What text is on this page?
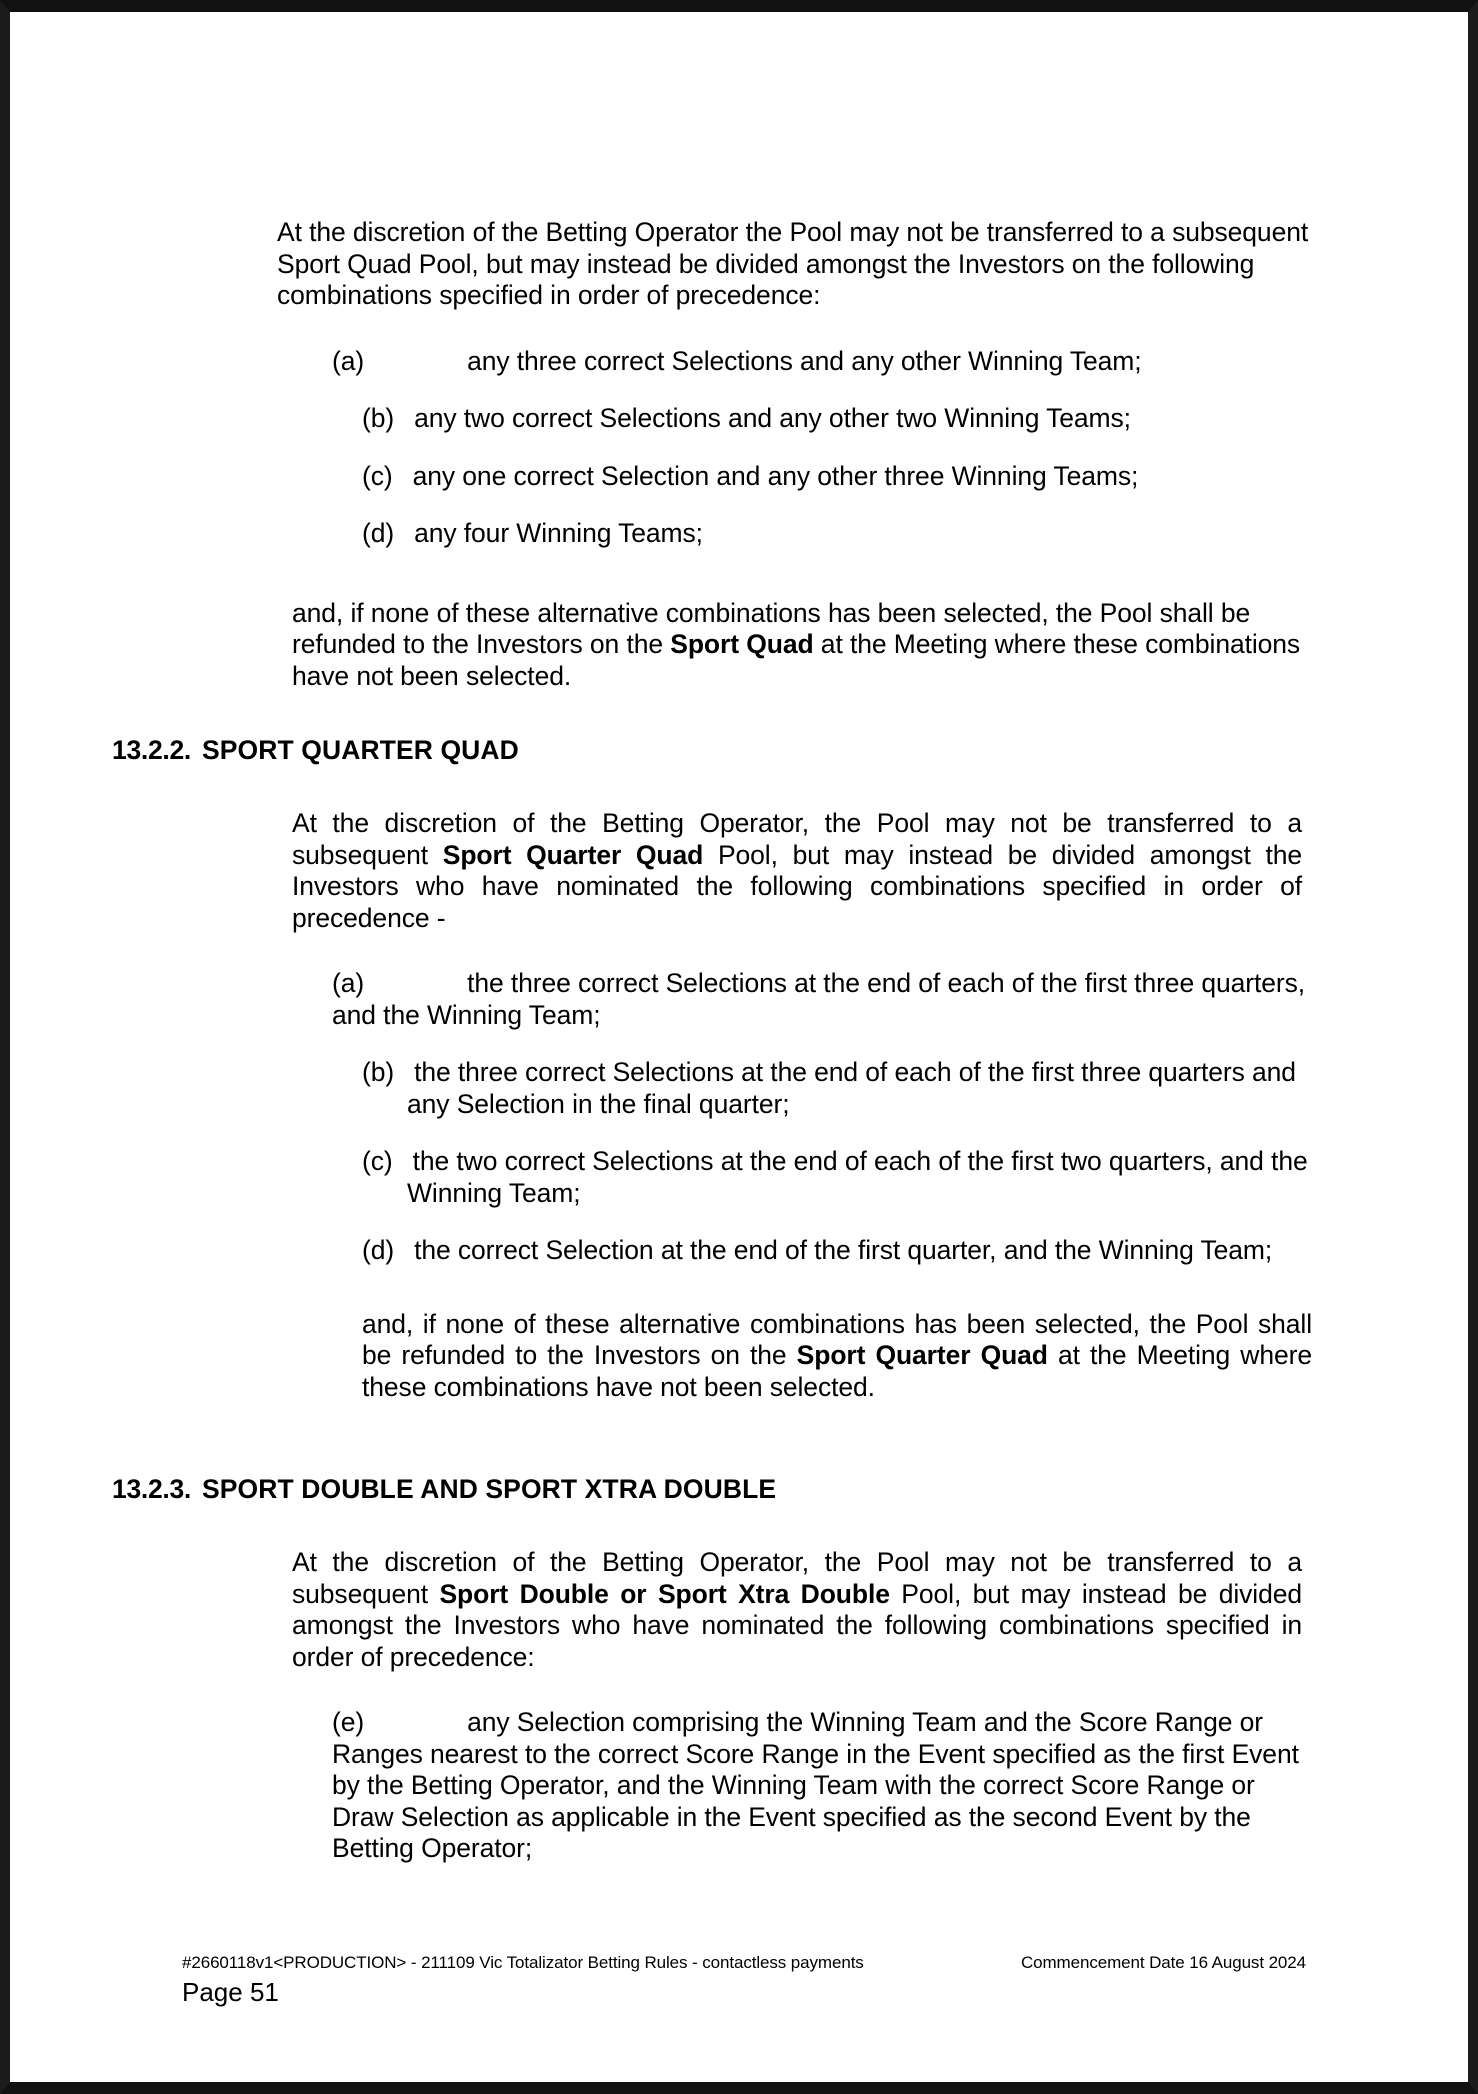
At the discretion of the Betting Operator the Pool may not be transferred to a subsequent Sport Quad Pool, but may instead be divided amongst the Investors on the following combinations specified in order of precedence:

(a)	any three correct Selections and any other Winning Team;

(b) any two correct Selections and any other two Winning Teams;

(c) any one correct Selection and any other three Winning Teams;

(d) any four Winning Teams;

and, if none of these alternative combinations has been selected, the Pool shall be refunded to the Investors on the Sport Quad at the Meeting where these combinations have not been selected.

13.2.2. SPORT QUARTER QUAD

At the discretion of the Betting Operator, the Pool may not be transferred to a subsequent Sport Quarter Quad Pool, but may instead be divided amongst the Investors who have nominated the following combinations specified in order of precedence -

(a)	the three correct Selections at the end of each of the first three quarters, and the Winning Team;

(b) the three correct Selections at the end of each of the first three quarters and any Selection in the final quarter;

(c) the two correct Selections at the end of each of the first two quarters, and the Winning Team;

(d) the correct Selection at the end of the first quarter, and the Winning Team;

and, if none of these alternative combinations has been selected, the Pool shall be refunded to the Investors on the Sport Quarter Quad at the Meeting where these combinations have not been selected.

13.2.3. SPORT DOUBLE AND SPORT XTRA DOUBLE

At the discretion of the Betting Operator, the Pool may not be transferred to a subsequent Sport Double or Sport Xtra Double Pool, but may instead be divided amongst the Investors who have nominated the following combinations specified in order of precedence:

(e)	any Selection comprising the Winning Team and the Score Range or Ranges nearest to the correct Score Range in the Event specified as the first Event by the Betting Operator, and the Winning Team with the correct Score Range or Draw Selection as applicable in the Event specified as the second Event by the Betting Operator;

#2660118v1<PRODUCTION> - 211109 Vic Totalizator Betting Rules - contactless payments	Commencement Date 16 August 2024
Page 51
